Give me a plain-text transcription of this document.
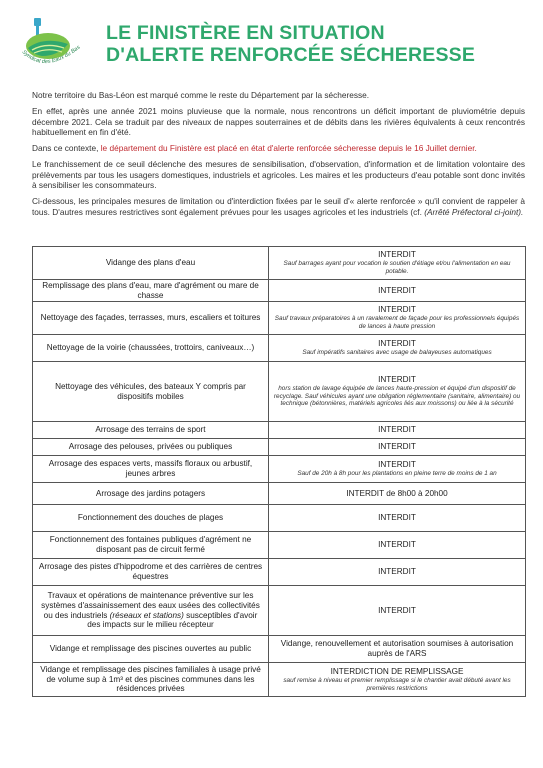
Syndicat des Eaux du Bas
LE FINISTÈRE EN SITUATION
D'ALERTE RENFORCÉE SÉCHERESSE

Notre territoire du Bas-Léon est marqué comme le reste du Département par la sécheresse.

En effet, après une année 2021 moins pluvieuse que la normale, nous rencontrons un déficit important de pluviométrie depuis décembre 2021. Cela se traduit par des niveaux de nappes souterraines et de débits dans les rivières équivalents à ceux rencontrés habituellement en fin d'été.

Dans ce contexte, le département du Finistère est placé en état d'alerte renforcée sécheresse depuis le 16 Juillet dernier.

Le franchissement de ce seuil déclenche des mesures de sensibilisation, d'observation, d'information et de limitation volontaire des prélèvements par tous les usagers domestiques, industriels et agricoles. Les maires et les producteurs d'eau potable sont donc invités à sensibiliser les consommateurs.

Ci-dessous, les principales mesures de limitation ou d'interdiction fixées par le seuil d'« alerte renforcée » qu'il convient de rappeler à tous. D'autres mesures restrictives sont également prévues pour les usages agricoles et les industriels (cf. (Arrêté Préfectoral ci-joint).

Vidange des plans d'eau	INTERDIT
Sauf barrages ayant pour vocation le soutien d'étiage et/ou l'alimentation en eau potable.

Remplissage des plans d'eau, mare d'agrément ou mare de chasse	INTERDIT

Nettoyage des façades, terrasses, murs, escaliers et toitures	INTERDIT
Sauf travaux préparatoires à un ravalement de façade pour les professionnels équipés de lances à haute pression

Nettoyage de la voirie (chaussées, trottoirs, caniveaux…)	INTERDIT
Sauf impératifs sanitaires avec usage de balayeuses automatiques

Nettoyage des véhicules, des bateaux Y compris par dispositifs mobiles	INTERDIT
hors station de lavage équipée de lances haute-pression et équipé d'un dispositif de recyclage. Sauf véhicules ayant une obligation réglementaire (sanitaire, alimentaire) ou technique (bétonnières, matériels agricoles liés aux moissons) ou liée à la sécurité

Arrosage des terrains de sport	INTERDIT

Arrosage des pelouses, privées ou publiques	INTERDIT

Arrosage des espaces verts, massifs floraux ou arbustif, jeunes arbres	INTERDIT
Sauf de 20h à 8h pour les plantations en pleine terre de moins de 1 an

Arrosage des jardins potagers	INTERDIT de 8h00 à 20h00

Fonctionnement des douches de plages	INTERDIT

Fonctionnement des fontaines publiques d'agrément ne disposant pas de circuit fermé	INTERDIT

Arrosage des pistes d'hippodrome et des carrières de centres équestres	INTERDIT

Travaux et opérations de maintenance préventive sur les systèmes d'assainissement des eaux usées des collectivités ou des industriels (réseaux et stations) susceptibles d'avoir des impacts sur le milieu récepteur	INTERDIT

Vidange et remplissage des piscines ouvertes au public	Vidange, renouvellement et autorisation soumises à autorisation auprès de l'ARS

Vidange et remplissage des piscines familiales à usage privé de volume sup à 1m³ et des piscines communes dans les résidences privées	INTERDICTION DE REMPLISSAGE
sauf remise à niveau et premier remplissage si le chantier avait débuté avant les premières restrictions
